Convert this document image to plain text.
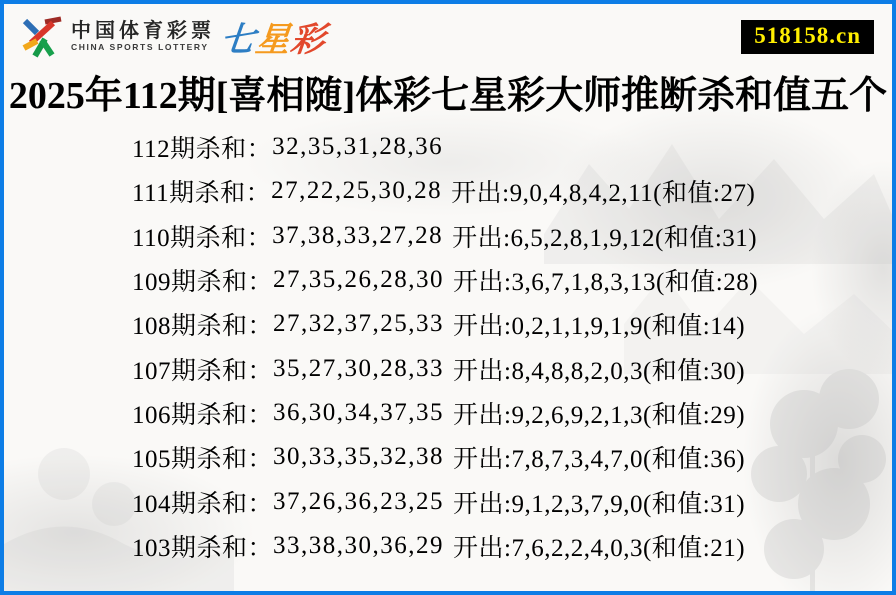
中国体育彩票
CHINA SPORTS LOTTERY 七星彩	518158.cn
2025年112期[喜相随]体彩七星彩大师推断杀和值五个
112期杀和： 32,35,31,28,36
111期杀和： 27,22,25,30,28 开出:9,0,4,8,4,2,11(和值:27)
110期杀和： 37,38,33,27,28 开出:6,5,2,8,1,9,12(和值:31)
109期杀和： 27,35,26,28,30 开出:3,6,7,1,8,3,13(和值:28)
108期杀和： 27,32,37,25,33 开出:0,2,1,1,9,1,9(和值:14)
107期杀和： 35,27,30,28,33 开出:8,4,8,8,2,0,3(和值:30)
106期杀和： 36,30,34,37,35 开出:9,2,6,9,2,1,3(和值:29)
105期杀和： 30,33,35,32,38 开出:7,8,7,3,4,7,0(和值:36)
104期杀和： 37,26,36,23,25 开出:9,1,2,3,7,9,0(和值:31)
103期杀和： 33,38,30,36,29 开出:7,6,2,2,4,0,3(和值:21)
